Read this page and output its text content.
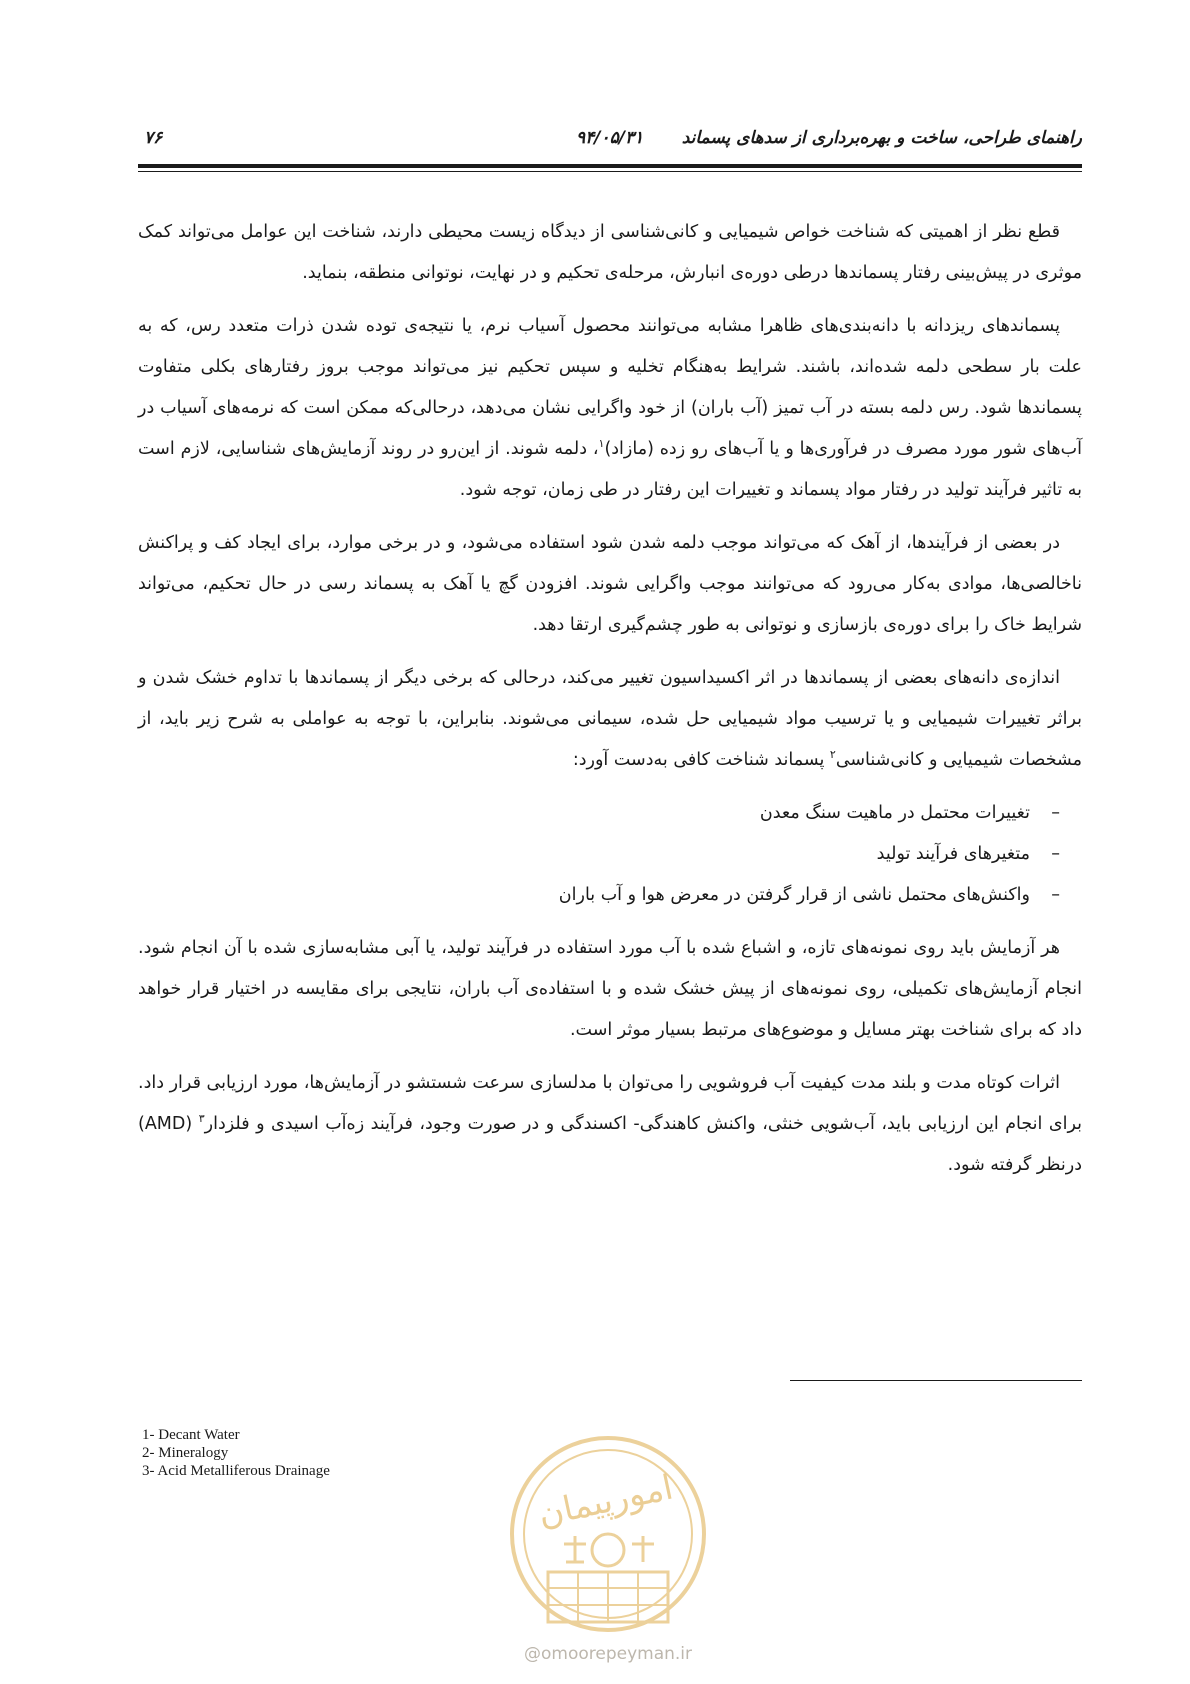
۷۶	۹۴/۰۵/۳۱ راهنمای طراحی، ساخت و بهره‌برداری از سدهای پسماند

قطع نظر از اهمیتی که شناخت خواص شیمیایی و کانی‌شناسی از دیدگاه زیست محیطی دارند، شناخت این عوامل می‌تواند کمک موثری در پیش‌بینی رفتار پسماندها درطی دوره‌ی انبارش، مرحله‌ی تحکیم و در نهایت، نوتوانی منطقه، بنماید.

پسماندهای ریزدانه با دانه‌بندی‌های ظاهرا مشابه می‌توانند محصول آسیاب نرم، یا نتیجه‌ی توده شدن ذرات متعدد رس، که به علت بار سطحی دلمه شده‌اند، باشند. شرایط به‌هنگام تخلیه و سپس تحکیم نیز می‌تواند موجب بروز رفتارهای بکلی متفاوت پسماندها شود. رس دلمه بسته در آب تمیز (آب باران) از خود واگرایی نشان می‌دهد، درحالی‌که ممکن است که نرمه‌های آسیاب در آب‌های شور مورد مصرف در فرآوری‌ها و یا آب‌های رو زده (مازاد)$^۱$، دلمه شوند. از این‌رو در روند آزمایش‌های شناسایی، لازم است به تاثیر فرآیند تولید در رفتار مواد پسماند و تغییرات این رفتار در طی زمان، توجه شود.

در بعضی از فرآیندها، از آهک که می‌تواند موجب دلمه شدن شود استفاده می‌شود، و در برخی موارد، برای ایجاد کف و پراکنش ناخالصی‌ها، موادی به‌کار می‌رود که می‌توانند موجب واگرایی شوند. افزودن گچ یا آهک به پسماند رسی در حال تحکیم، می‌تواند شرایط خاک را برای دوره‌ی بازسازی و نوتوانی به طور چشم‌گیری ارتقا دهد.

اندازه‌ی دانه‌های بعضی از پسماندها در اثر اکسیداسیون تغییر می‌کند، درحالی که برخی دیگر از پسماندها با تداوم خشک شدن و براثر تغییرات شیمیایی و یا ترسیب مواد شیمیایی حل شده، سیمانی می‌شوند. بنابراین، با توجه به عواملی به شرح زیر باید، از مشخصات شیمیایی و کانی‌شناسی$^۲$ پسماند شناخت کافی به‌دست آورد:

–تغییرات محتمل در ماهیت سنگ معدن
–متغیرهای فرآیند تولید
–واکنش‌های محتمل ناشی از قرار گرفتن در معرض هوا و آب باران

هر آزمایش باید روی نمونه‌های تازه، و اشباع شده با آب مورد استفاده در فرآیند تولید، یا آبی مشابه‌سازی شده با آن انجام شود. انجام آزمایش‌های تکمیلی، روی نمونه‌های از پیش خشک شده و با استفاده‌ی آب باران، نتایجی برای مقایسه در اختیار قرار خواهد داد که برای شناخت بهتر مسایل و موضوع‌های مرتبط بسیار موثر است.

اثرات کوتاه مدت و بلند مدت کیفیت آب فروشویی را می‌توان با مدلسازی سرعت شستشو در آزمایش‌ها، مورد ارزیابی قرار داد. برای انجام این ارزیابی باید، آب‌شویی خنثی، واکنش کاهندگی- اکسندگی و در صورت وجود، فرآیند زه‌آب اسیدی و فلزدار$^۳$ (AMD) درنظر گرفته شود.

1- Decant Water
2- Mineralogy
3- Acid Metalliferous Drainage	امورپیمان
@omoorepeyman.ir
